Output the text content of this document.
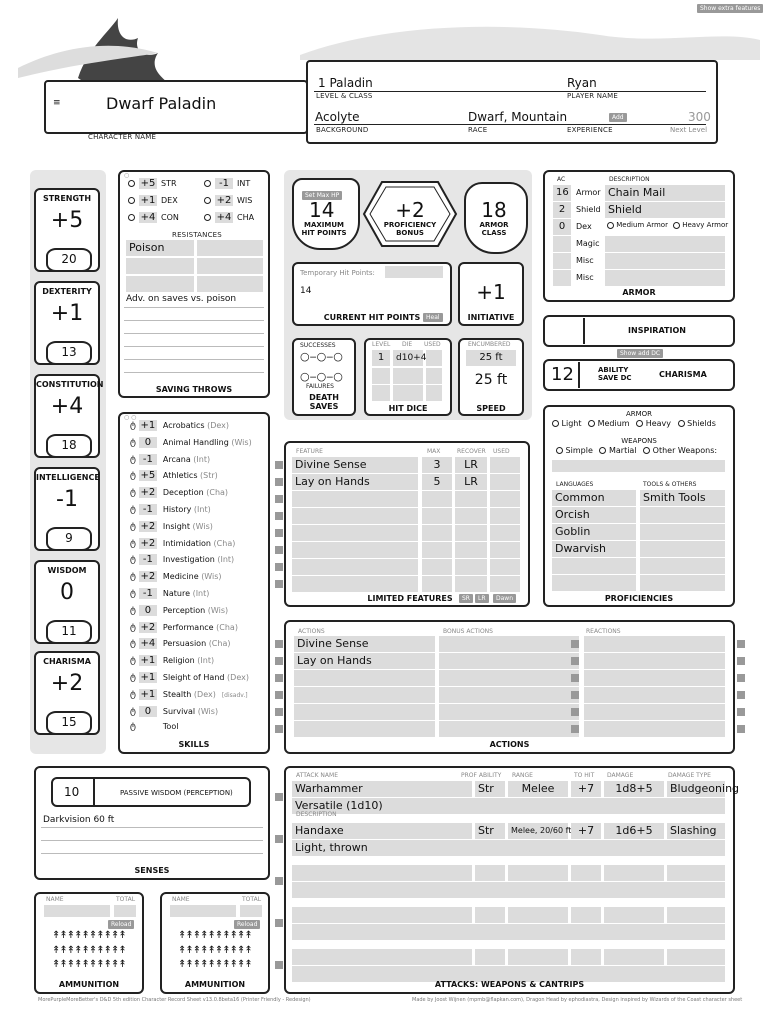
Show extra features
≡	Dwarf Paladin
CHARACTER NAME
1 Paladin
LEVEL & CLASS
Ryan
PLAYER NAME
Acolyte
BACKGROUND
Dwarf, Mountain
RACE	EXPERIENCE
Add	300
Next Level
STRENGTH
+5
20
DEXTERITY
+1
13
CONSTITUTION
+4
18
INTELLIGENCE
-1
9
WISDOM
0
11
CHARISMA
+2
15
○
+5 STR
+1 DEX
+4 CON
-1 INT
+2 WIS
+4 CHA
RESISTANCES
Poison
Adv. on saves vs. poison
SAVING THROWS
○ ○
ტ +1 Acrobatics (Dex)
ტ 0 Animal Handling (Wis)
ტ -1 Arcana (Int)
ტ +5 Athletics (Str)
ტ +2 Deception (Cha)
ტ -1 History (Int)
ტ +2 Insight (Wis)
ტ +2 Intimidation (Cha)
ტ -1 Investigation (Int)
ტ +2 Medicine (Wis)
ტ -1 Nature (Int)
ტ 0 Perception (Wis)
ტ +2 Performance (Cha)
ტ +4 Persuasion (Cha)
ტ +1 Religion (Int)
ტ +1 Sleight of Hand (Dex)
ტ +1 Stealth (Dex) [disadv.]
ტ 0 Survival (Wis)
ტ	Tool
SKILLS
Set Max HP
14
MAXIMUM HIT POINTS
+2
PROFICIENCY BONUS
18
ARMOR CLASS
Temporary Hit Points:
14
CURRENT HIT POINTS Heal
+1
INITIATIVE
SUCCESSES
○‒○‒○
○‒○‒○
FAILURES
DEATH SAVES
LEVEL DIE USED
1	d10+4
HIT DICE
ENCUMBERED
25 ft
25 ft
SPEED
AC	DESCRIPTION
16 Armor Chain Mail
2	Shield Shield
0	Dex
Magic
Misc
Misc
Medium Armor	Heavy Armor
ARMOR
INSPIRATION
Show add DC
12	ABILITY SAVE DC	CHARISMA
ARMOR
Light Medium Heavy Shields
WEAPONS
Simple Martial Other Weapons:
LANGUAGES	TOOLS & OTHERS
Common	Smith Tools
Orcish
Goblin
Dwarvish
PROFICIENCIES
FEATURE	MAX	RECOVER USED
Divine Sense	3	LR
Lay on Hands	5	LR
LIMITED FEATURES	SR	LR	Dawn
ACTIONS	BONUS ACTIONS	REACTIONS
Divine Sense
Lay on Hands
ACTIONS
10	PASSIVE WISDOM (PERCEPTION)
Darkvision 60 ft
SENSES
NAME	TOTAL
Reload
↟↟↟↟↟↟↟↟↟↟
↟↟↟↟↟↟↟↟↟↟
↟↟↟↟↟↟↟↟↟↟
AMMUNITION
NAME	TOTAL
Reload
↟↟↟↟↟↟↟↟↟↟
↟↟↟↟↟↟↟↟↟↟
↟↟↟↟↟↟↟↟↟↟
AMMUNITION
ATTACK NAME	PROF ABILITY RANGE	TO HIT DAMAGE	DAMAGE TYPE
Warhammer	Str	Melee	+7	1d8+5	Bludgeoning
Versatile (1d10)
Handaxe	Str	Melee, 20/60 ft +7	1d6+5	Slashing
Light, thrown
DESCRIPTION
ATTACKS: WEAPONS & CANTRIPS
MorePurpleMoreBetter's D&D 5th edition Character Record Sheet v13.0.8beta16 (Printer Friendly - Redesign)	Made by Joost Wijnen (mpmb@flapkan.com), Dragon Head by ephodiastra, Design inspired by Wizards of the Coast character sheet
